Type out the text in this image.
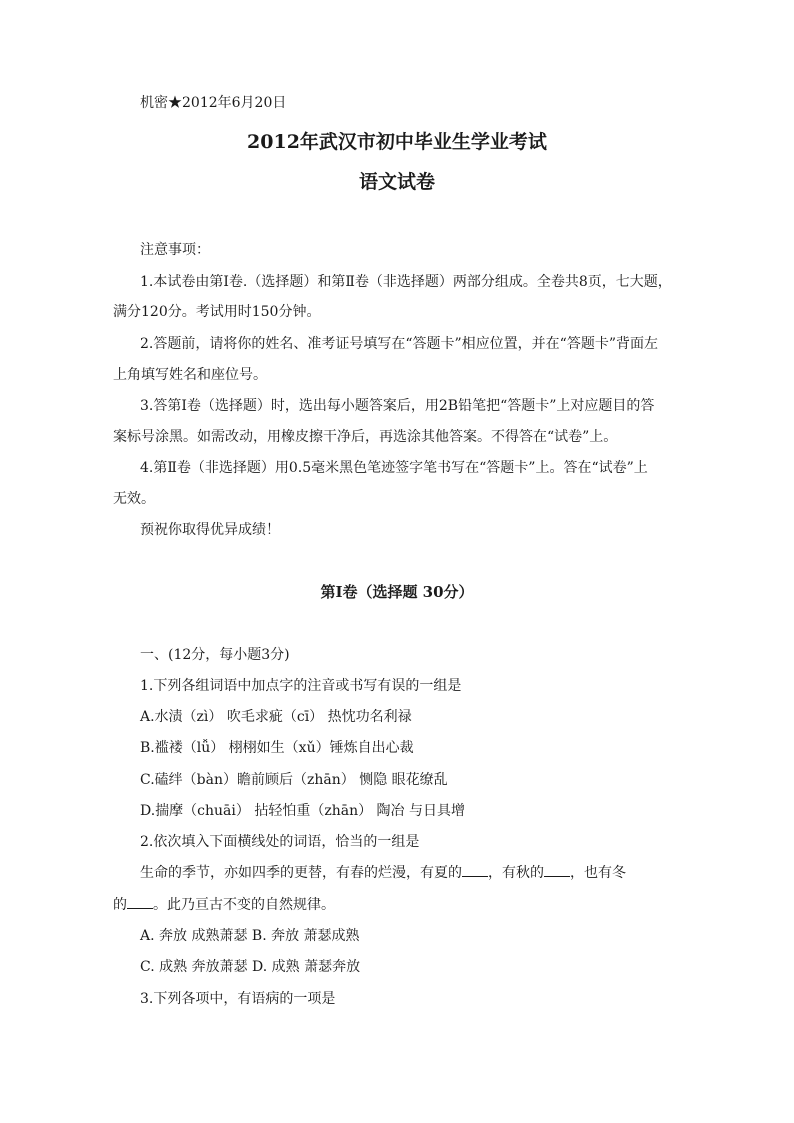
机密★2012年6月20日
2012年武汉市初中毕业生学业考试
语文试卷
注意事项：
1.本试卷由第Ⅰ卷.（选择题）和第Ⅱ卷（非选择题）两部分组成。全卷共8页，七大题，
满分120分。考试用时150分钟。
2.答题前，请将你的姓名、准考证号填写在“答题卡”相应位置，并在“答题卡”背面左
上角填写姓名和座位号。
3.答第Ⅰ卷（选择题）时，选出每小题答案后，用2B铅笔把“答题卡”上对应题目的答
案标号涂黑。如需改动，用橡皮擦干净后，再选涂其他答案。不得答在“试卷”上。
4.第Ⅱ卷（非选择题）用0.5毫米黑色笔迹签字笔书写在“答题卡”上。答在“试卷”上
无效。
预祝你取得优异成绩！
第Ⅰ卷（选择题 30分）
一、(12分，每小题3分)
1.下列各组词语中加点字的注音或书写有误的一组是
A.水渍（zì） 吹毛求疵（cī） 热忱功名利禄
B.褴褛（lǚ） 栩栩如生（xǔ）锤炼自出心裁
C.磕绊（bàn）瞻前顾后（zhān） 恻隐 眼花缭乱
D.揣摩（chuāi） 拈轻怕重（zhān） 陶冶 与日具增
2.依次填入下面横线处的词语，恰当的一组是
生命的季节，亦如四季的更替，有春的烂漫，有夏的 ，有秋的 ，也有冬
的 。此乃亘古不变的自然规律。
A. 奔放 成熟萧瑟 B. 奔放 萧瑟成熟
C. 成熟 奔放萧瑟 D. 成熟 萧瑟奔放
3.下列各项中，有语病的一项是
